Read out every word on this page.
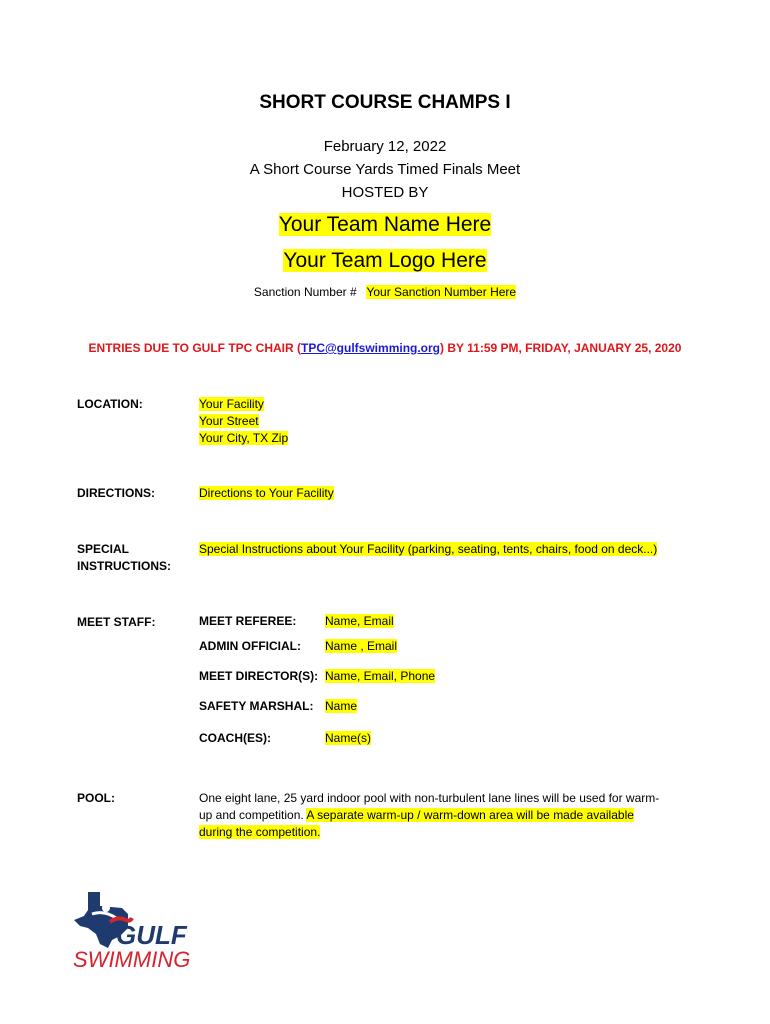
SHORT COURSE CHAMPS I
February 12, 2022
A Short Course Yards Timed Finals Meet
HOSTED BY
Your Team Name Here
Your Team Logo Here
Sanction Number # Your Sanction Number Here
ENTRIES DUE TO GULF TPC CHAIR (TPC@gulfswimming.org) BY 11:59 PM, FRIDAY, JANUARY 25, 2020
LOCATION:	Your Facility
Your Street
Your City, TX Zip
DIRECTIONS:	Directions to Your Facility
SPECIAL
INSTRUCTIONS:
Special Instructions about Your Facility (parking, seating, tents, chairs, food on deck...)
MEET STAFF:	MEET REFEREE: Name, Email
ADMIN OFFICIAL: Name , Email
MEET DIRECTOR(S): Name, Email, Phone
SAFETY MARSHAL: Name
COACH(ES):	Name(s)
POOL:	One eight lane, 25 yard indoor pool with non-turbulent lane lines will be used for warm-up and competition. A separate warm-up / warm-down area will be made available during the competition.
GULF
SWIMMING
